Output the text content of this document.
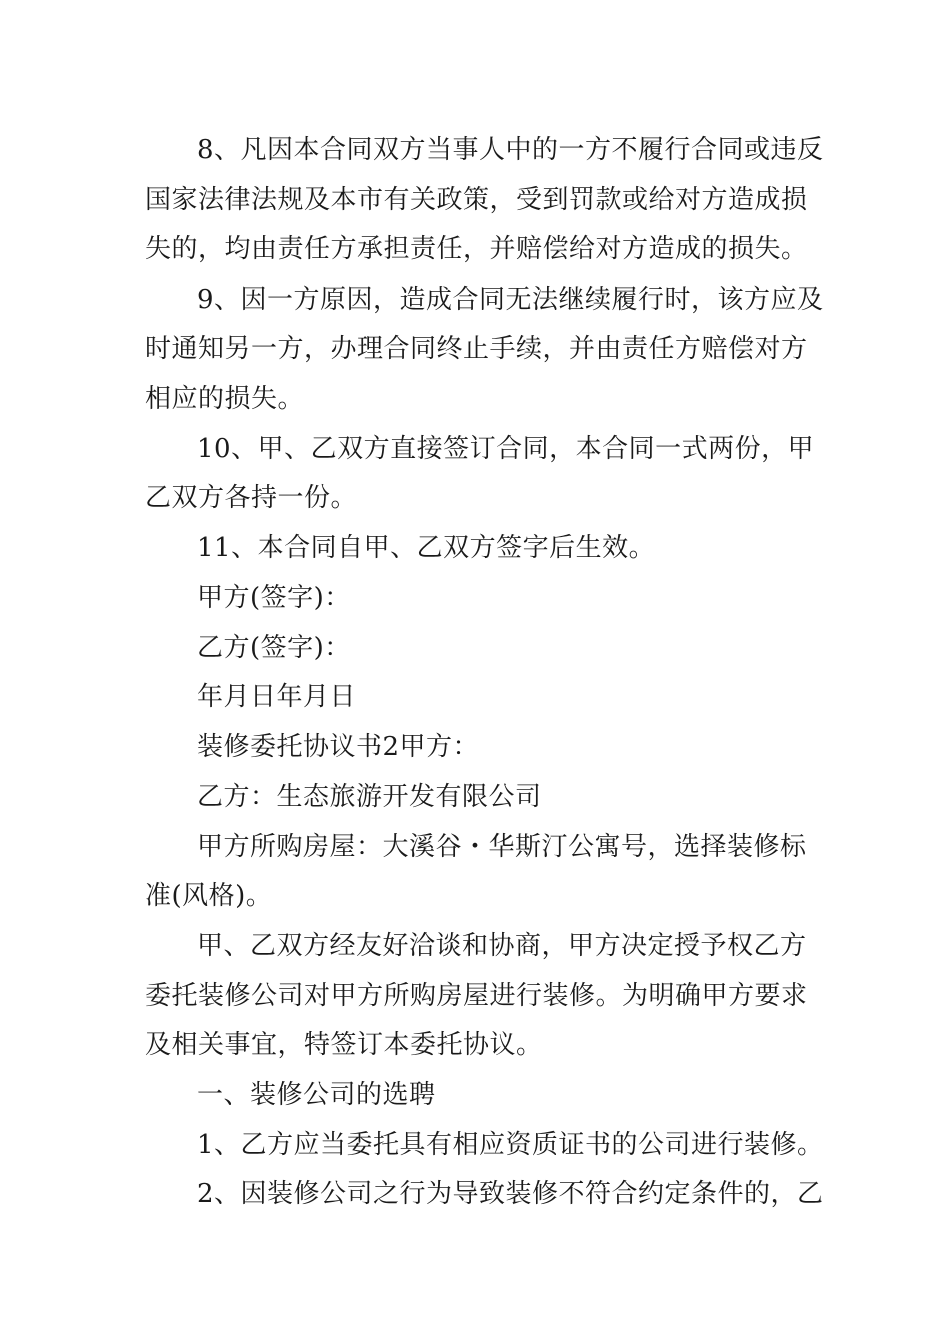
8、凡因本合同双方当事人中的一方不履行合同或违反
国家法律法规及本市有关政策，受到罚款或给对方造成损
失的，均由责任方承担责任，并赔偿给对方造成的损失。
9、因一方原因，造成合同无法继续履行时，该方应及
时通知另一方，办理合同终止手续，并由责任方赔偿对方
相应的损失。
10、甲、乙双方直接签订合同，本合同一式两份，甲
乙双方各持一份。
11、本合同自甲、乙双方签字后生效。
甲方(签字)：
乙方(签字)：
年月日年月日
装修委托协议书2甲方：
乙方：生态旅游开发有限公司
甲方所购房屋：大溪谷・华斯汀公寓号，选择装修标
准(风格)。
甲、乙双方经友好洽谈和协商，甲方决定授予权乙方
委托装修公司对甲方所购房屋进行装修。为明确甲方要求
及相关事宜，特签订本委托协议。
一、装修公司的选聘
1、乙方应当委托具有相应资质证书的公司进行装修。
2、因装修公司之行为导致装修不符合约定条件的，乙
